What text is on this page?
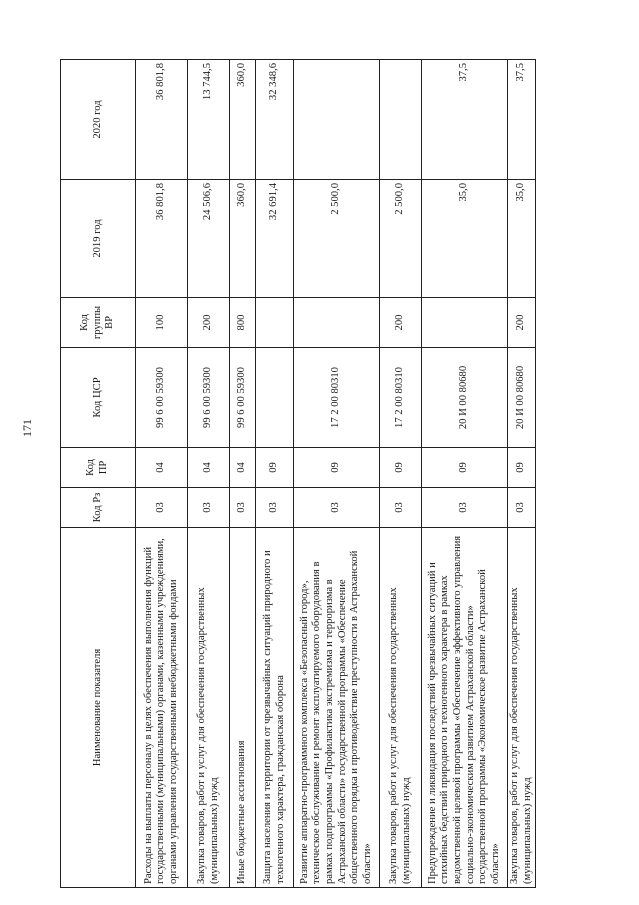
171
Наименование показателя	Код Рз	Код ПР	Код ЦСР	Код группы ВР	2019 год	2020 год
Расходы на выплаты персоналу в целях обеспечения выполнения функций государственными (муниципальными) органами, казенными учреждениями, органами управления государственными внебюджетными фондами	03	04	99 6 00 59300	100	36 801,8	36 801,8
Закупка товаров, работ и услуг для обеспечения государственных (муниципальных) нужд	03	04	99 6 00 59300	200	24 506,6	13 744,5
Иные бюджетные ассигнования	03	04	99 6 00 59300	800	360,0	360,0
Защита населения и территории от чрезвычайных ситуаций природного и техногенного характера, гражданская оборона	03	09			32 691,4	32 348,6
Развитие аппаратно-программного комплекса «Безопасный город», техническое обслуживание и ремонт эксплуатируемого оборудования в рамках подпрограммы «Профилактика экстремизма и терроризма в Астраханской области» государственной программы «Обеспечение общественного порядка и противодействие преступности в Астраханской области»	03	09	17 2 00 80310		2 500,0	
Закупка товаров, работ и услуг для обеспечения государственных (муниципальных) нужд	03	09	17 2 00 80310	200	2 500,0	
Предупреждение и ликвидация последствий чрезвычайных ситуаций и стихийных бедствий природного и техногенного характера в рамках ведомственной целевой программы «Обеспечение эффективного управления социально-экономическим развитием Астраханской области» государственной программы «Экономическое развитие Астраханской области»	03	09	20 И 00 80680		35,0	37,5
Закупка товаров, работ и услуг для обеспечения государственных (муниципальных) нужд	03	09	20 И 00 80680	200	35,0	37,5
